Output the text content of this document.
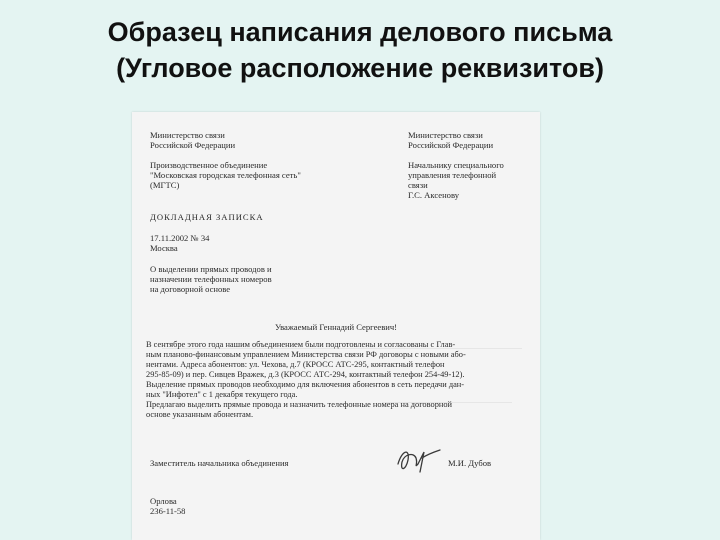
Образец написания делового письма
(Угловое расположение реквизитов)
Министерство связи
Российской Федерации

Производственное объединение
"Московская городская телефонная сеть"
(МГТС)
Министерство связи
Российской Федерации

Начальнику специального
управления телефонной
связи
Г.С. Аксенову
ДОКЛАДНАЯ ЗАПИСКА
17.11.2002 № 34
Москва
О выделении прямых проводов и
назначении телефонных номеров
на договорной основе
Уважаемый Геннадий Сергеевич!
В сентябре этого года нашим объединением были подготовлены и согласованы с Глав-
ным планово-финансовым управлением Министерства связи РФ договоры с новыми або-
нентами. Адреса абонентов: ул. Чехова, д.7 (КРОСС АТС-295, контактный телефон
295-85-09) и пер. Сивцев Вражек, д.3 (КРОСС АТС-294, контактный телефон 254-49-12).
Выделение прямых проводов необходимо для включения абонентов в сеть передачи дан-
ных "Инфотел" с 1 декабря текущего года.
Предлагаю выделить прямые провода и назначить телефонные номера на договорной
основе указанным абонентам.
Заместитель начальника объединения	М.И. Дубов
Орлова
236-11-58
